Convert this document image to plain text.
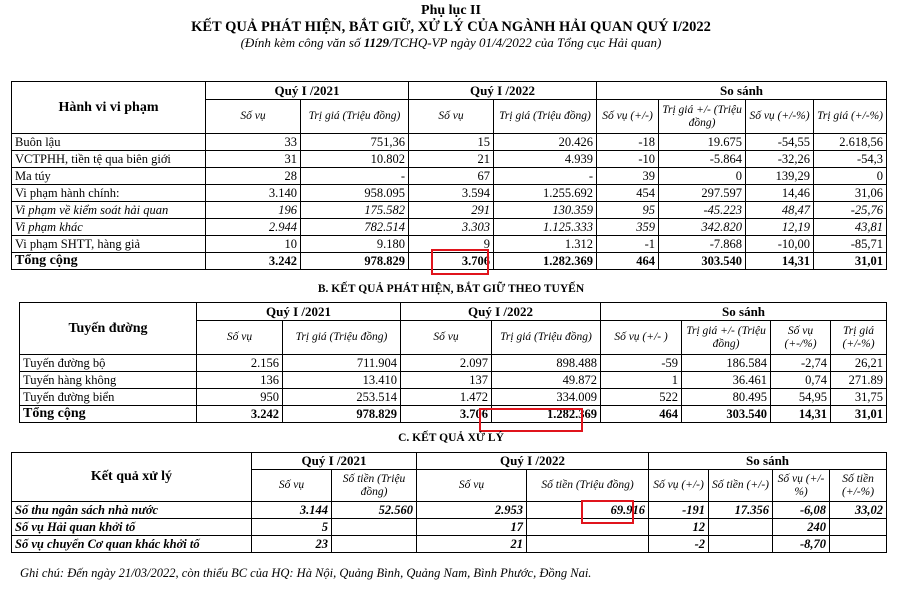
Phụ lục II
KẾT QUẢ PHÁT HIỆN, BẮT GIỮ, XỬ LÝ CỦA NGÀNH HẢI QUAN QUÝ I/2022
(Đính kèm công văn số 1129/TCHQ-VP ngày 01/4/2022 của Tổng cục Hải quan)
Hành vi vi phạm	Quý I /2021		Quý I /2022		So sánh			
	Số vụ	Trị giá (Triệu đồng)	Số vụ	Trị giá (Triệu đồng)	Số vụ (+/-)	Trị giá +/- (Triệu đồng)	Số vụ (+/-%)	Trị giá (+/-%)
Buôn lậu	33	751,36	15	20.426	-18	19.675	-54,55	2.618,56
VCTPHH, tiền tệ qua biên giới	31	10.802	21	4.939	-10	-5.864	-32,26	-54,3
Ma túy	28	-	67	-	39	0	139,29	0
Vi phạm hành chính:	3.140	958.095	3.594	1.255.692	454	297.597	14,46	31,06
Vi phạm về kiểm soát hải quan	196	175.582	291	130.359	95	-45.223	48,47	-25,76
Vi phạm khác	2.944	782.514	3.303	1.125.333	359	342.820	12,19	43,81
Vi phạm SHTT, hàng giả	10	9.180	9	1.312	-1	-7.868	-10,00	-85,71
Tổng cộng	3.242	978.829	3.706	1.282.369	464	303.540	14,31	31,01
B. KẾT QUẢ PHÁT HIỆN, BẮT GIỮ THEO TUYẾN
Tuyến đường	Quý I /2021		Quý I /2022		So sánh			
	Số vụ	Trị giá (Triệu đồng)	Số vụ	Trị giá (Triệu đồng)	Số vụ (+/- )	Trị giá +/- (Triệu đồng)	Số vụ (+-/%)	Trị giá (+/-%)
Tuyến đường bộ	2.156	711.904	2.097	898.488	-59	186.584	-2,74	26,21
Tuyến hàng không	136	13.410	137	49.872	1	36.461	0,74	271.89
Tuyến đường biển	950	253.514	1.472	334.009	522	80.495	54,95	31,75
Tổng cộng	3.242	978.829	3.706	1.282.369	464	303.540	14,31	31,01
C. KẾT QUẢ XỬ LÝ
Kết quả xử lý	Quý I /2021		Quý I /2022		So sánh			
	Số vụ	Số tiền (Triệu đồng)	Số vụ	Số tiền (Triệu đồng)	Số vụ (+/-)	Số tiền (+/-)	Số vụ (+/-%)	Số tiền (+/-%)
Số thu ngân sách nhà nước	3.144	52.560	2.953	69.916	-191	17.356	-6,08	33,02
Số vụ Hải quan khởi tố	5		17		12		240	
Số vụ chuyển Cơ quan khác khởi tố	23		21		-2		-8,70	
Ghi chú: Đến ngày 21/03/2022, còn thiếu BC của HQ: Hà Nội, Quảng Bình, Quảng Nam, Bình Phước, Đồng Nai.
